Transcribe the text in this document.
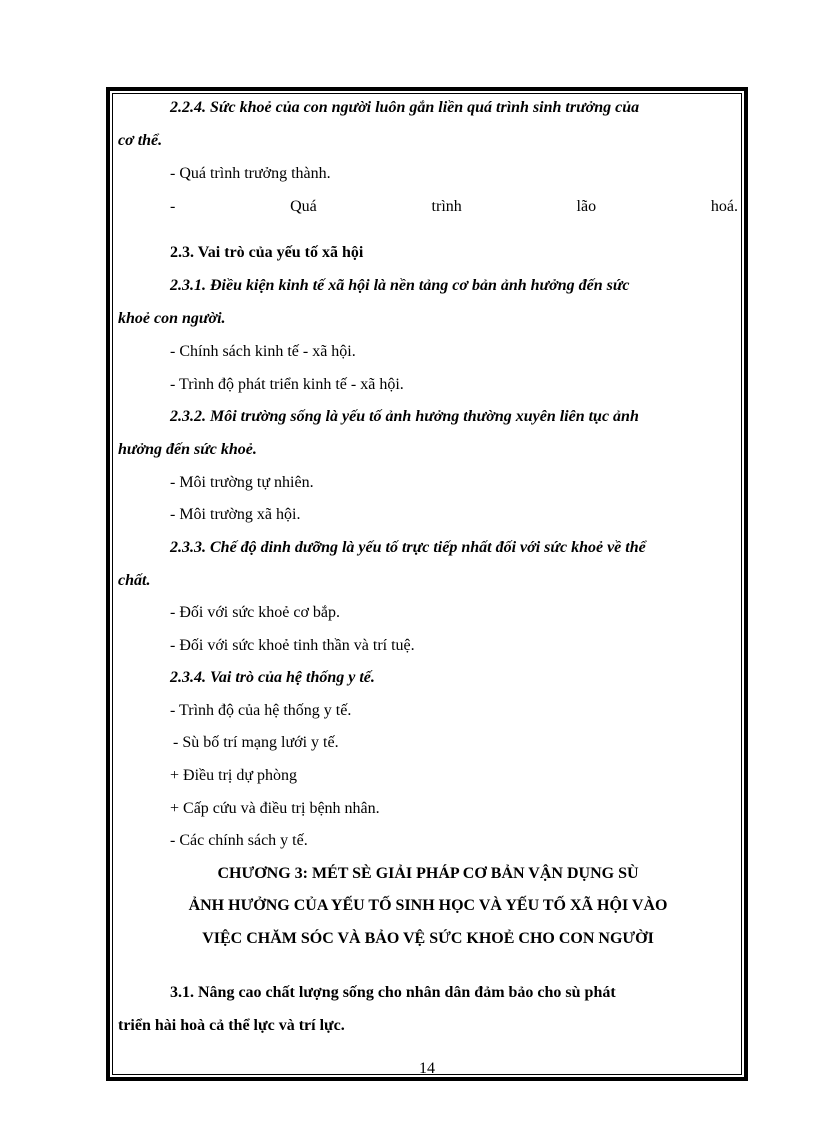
2.2.4. Sức khoẻ của con người luôn gắn liền quá trình sinh trưởng của
cơ thể.
- Quá trình trưởng thành.
-	Quá	trình	lão	hoá.
2.3. Vai trò của yếu tố xã hội
2.3.1. Điều kiện kinh tế xã hội là nền tảng cơ bản ảnh hưởng đến sức
khoẻ con người.
- Chính sách kinh tế - xã hội.
- Trình độ phát triển kinh tế - xã hội.
2.3.2. Môi trường sống là yếu tố ảnh hưởng thường xuyên liên tục ảnh
hưởng đến sức khoẻ.
- Môi trường tự nhiên.
- Môi trường xã hội.
2.3.3. Chế độ dinh dưỡng là yếu tố trực tiếp nhất đối với sức khoẻ về thể
chất.
- Đối với sức khoẻ cơ bắp.
- Đối với sức khoẻ tinh thần và trí tuệ.
2.3.4. Vai trò của hệ thống y tế.
- Trình độ của hệ thống y tế.
- Sù bố trí mạng lưới y tế.
+ Điều trị dự phòng
+ Cấp cứu và điều trị bệnh nhân.
- Các chính sách y tế.
CHƯƠNG 3: MÉT SÈ GIẢI PHÁP CƠ BẢN VẬN DỤNG SÙ
ẢNH HƯỞNG CỦA YẾU TỐ SINH HỌC VÀ YẾU TỐ XÃ HỘI VÀO
VIỆC CHĂM SÓC VÀ BẢO VỆ SỨC KHOẺ CHO CON NGƯỜI
3.1. Nâng cao chất lượng sống cho nhân dân đảm bảo cho sù phát
triển hài hoà cả thể lực và trí lực.
14
